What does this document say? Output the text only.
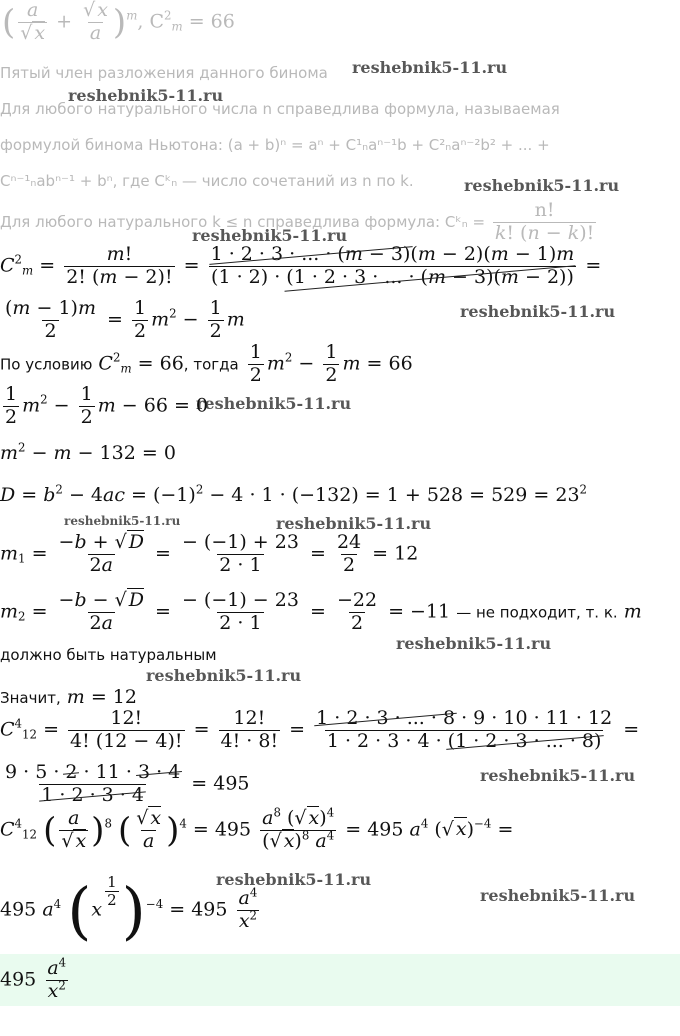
reshebnik5-11.ru
reshebnik5-11.ru
reshebnik5-11.ru
reshebnik5-11.ru
reshebnik5-11.ru
reshebnik5-11.ru
reshebnik5-11.ru	reshebnik5-11.ru
reshebnik5-11.ru
reshebnik5-11.ru
reshebnik5-11.ru
reshebnik5-11.ru
reshebnik5-11.ru
( $\frac{a}{√ x} + \frac{√ x}{a} )^m$, $C^2_m = 66$
Пятый член разложения данного бинома
Для любого натурального числа n справедлива формула, называемая
формулой бинома Ньютона: (a + b)ⁿ = aⁿ + C¹ₙaⁿ⁻¹b + C²ₙaⁿ⁻²b² + ... +
Cⁿ⁻¹ₙabⁿ⁻¹ + bⁿ, где Cᵏₙ — число сочетаний из n по k.
Для любого натурального k ≤ n справедлива формула: Cᵏₙ = $\frac{n!}{k! (n - k)!}$
$C^2_m = \frac{m!}{2! (m - 2)!} = \frac{1 \cdot 2 \cdot 3 \cdot ... \cdot (m - 3)(m - 2)(m - 1)m}{(1 \cdot 2) \cdot (1 \cdot 2 \cdot 3 \cdot ... \cdot (m - 3)(m - 2))}$ =
$\frac{(m - 1)m}{2} = \frac{1}{2} m^2 - \frac{1}{2}$ m
По условию $C^2_m = 66$, тогда $\frac{1}{2} m^2 - \frac{1}{2}$ m = 66
$\frac{1}{2} m^2 - \frac{1}{2}$ m − 66 = 0
$m^2 - m - 132 = 0$
$D = b^2 - 4ac = (-1)^2 - 4 \cdot 1 \cdot (-132) = 1 + 528 = 529 = 23^2$
$m_1 = \frac{-b + √ D}{2a} = \frac{- (-1) + 23}{2 \cdot 1} = \frac{24}{2} = 12$
$m_2 = \frac{-b - √ D}{2a} = \frac{- (-1) - 23}{2 \cdot 1} = \frac{-22}{2} = -11$ — не подходит, т. к. m
должно быть натуральным
Значит, m = 12
$C^4_{12} = \frac{12!}{4! (12 - 4)!} = \frac{12!}{4! \cdot 8!} = \frac{1 \cdot 2 \cdot 3 \cdot ... \cdot 8 \cdot 9 \cdot 10 \cdot 11 \cdot 12}{1 \cdot 2 \cdot 3 \cdot 4 \cdot (1 \cdot 2 \cdot 3 \cdot ... \cdot 8)}$ =
$\frac{9 \cdot 5 \cdot 2 \cdot 11 \cdot 3 \cdot 4}{1 \cdot 2 \cdot 3 \cdot 4} = 495$
$C^4_{12}$ ( $\frac{a}{√ x} )^8$ ( $\frac{√ x}{a} )^4 = 495 \frac{a^8 (√ x)^4}{(√ x)^8 a^4} = 495$ $a^4$ (√ x)$^{-4}$ =
495 $a^4$ $(x \frac{1}{2} )^{-4} = 495 \frac{a^4}{x^2}$
$495 \frac{a^4}{x^2}$
